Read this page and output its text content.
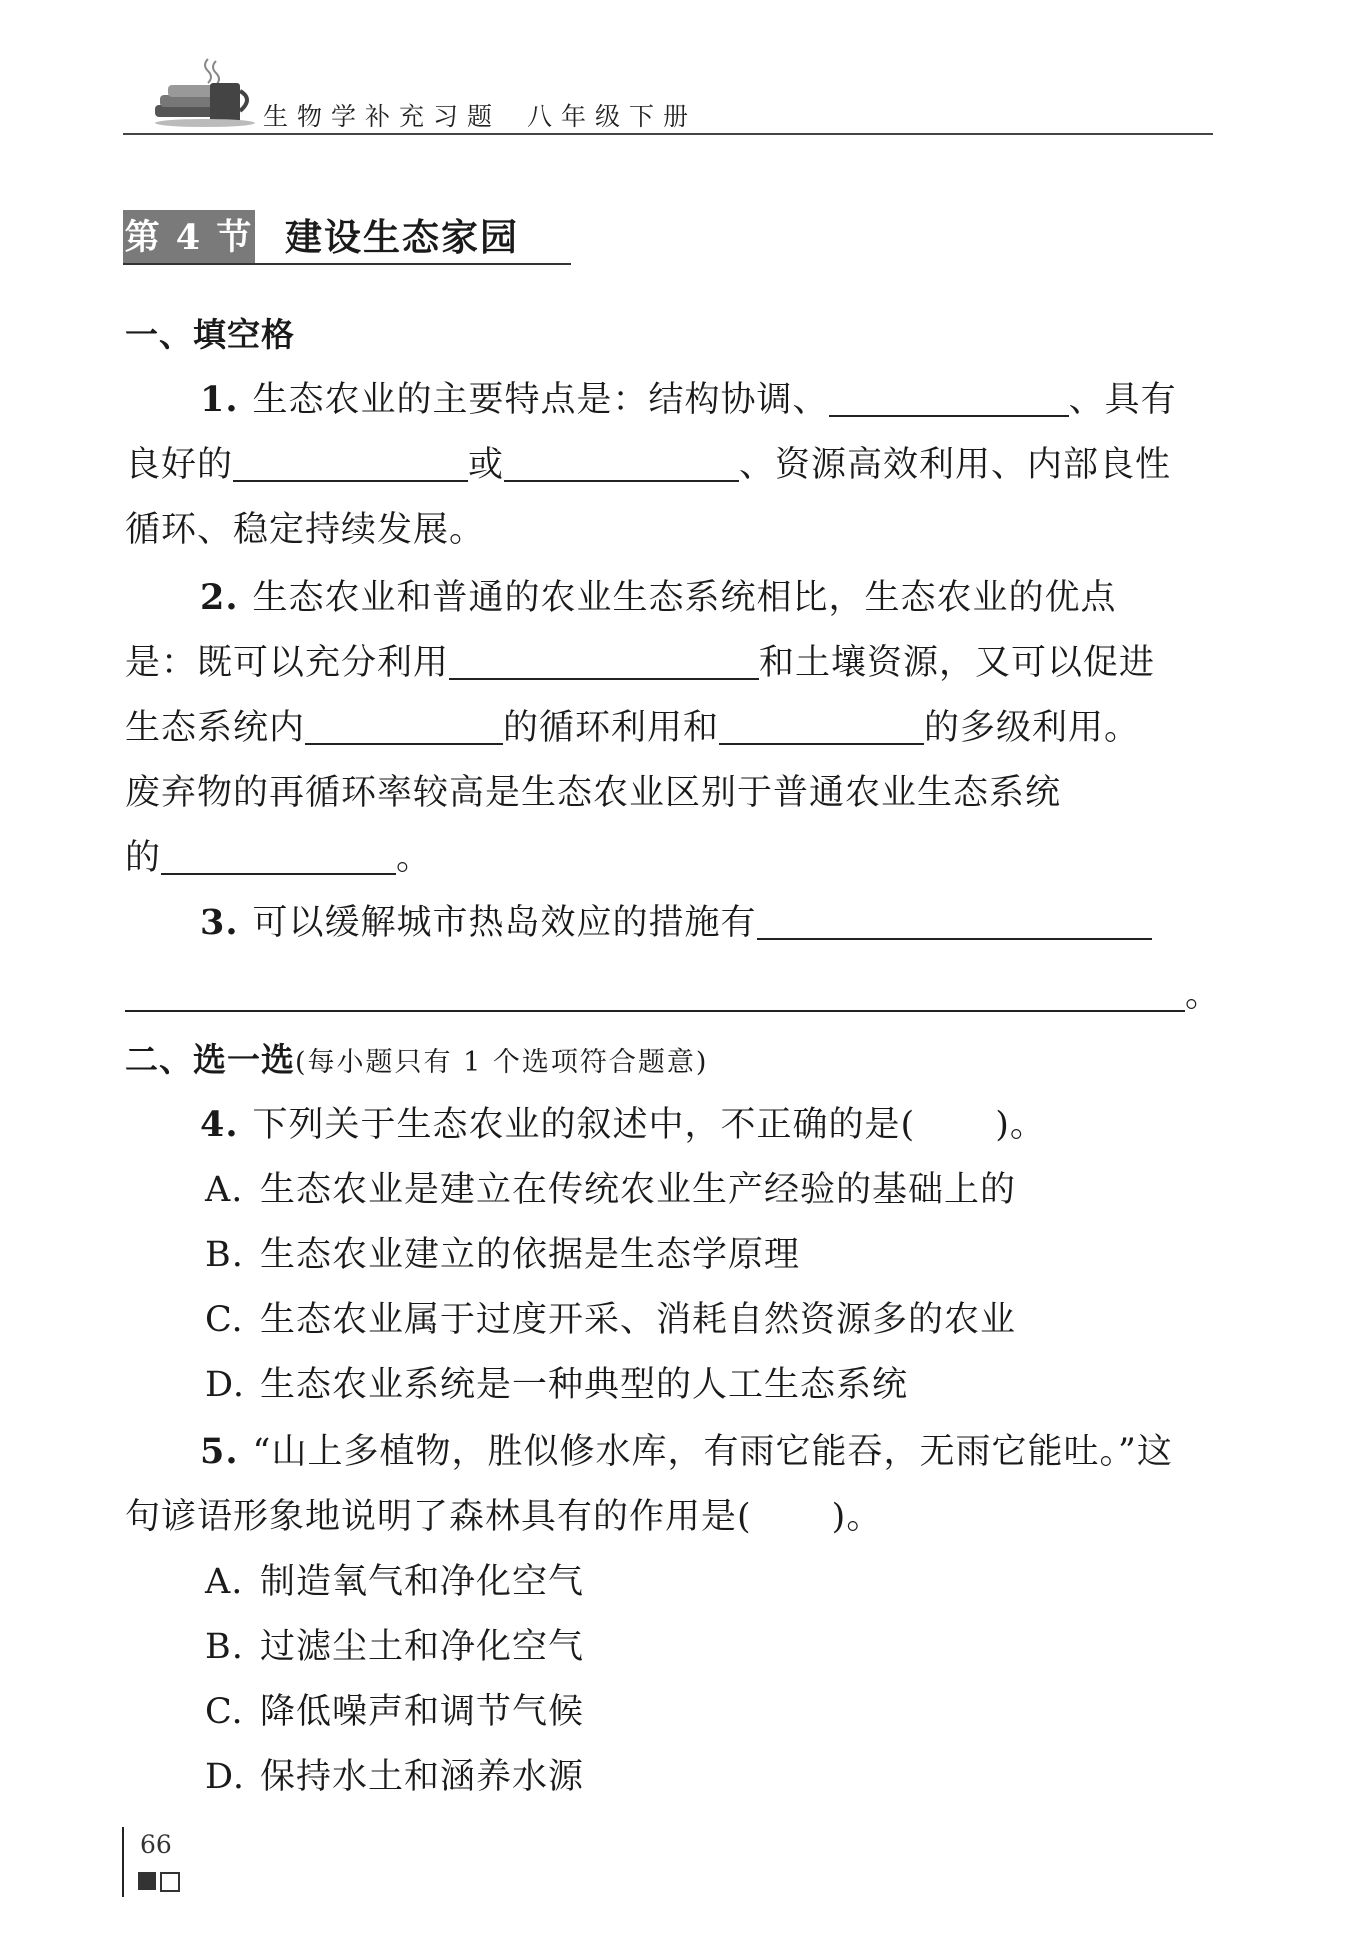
生物学补充习题 八年级下册
第 4 节 建设生态家园
一、填空格
1. 生态农业的主要特点是：结构协调、	、具有
良好的	或	、资源高效利用、内部良性
循环、稳定持续发展。
2. 生态农业和普通的农业生态系统相比，生态农业的优点
是：既可以充分利用	和土壤资源，又可以促进
生态系统内	的循环利用和	的多级利用。
废弃物的再循环率较高是生态农业区别于普通农业生态系统
的	。
3. 可以缓解城市热岛效应的措施有
。
二、选一选(每小题只有 1 个选项符合题意)
4. 下列关于生态农业的叙述中，不正确的是( )。
A. 生态农业是建立在传统农业生产经验的基础上的
B. 生态农业建立的依据是生态学原理
C. 生态农业属于过度开采、消耗自然资源多的农业
D. 生态农业系统是一种典型的人工生态系统
5. “山上多植物，胜似修水库，有雨它能吞，无雨它能吐。”这
句谚语形象地说明了森林具有的作用是( )。
A. 制造氧气和净化空气
B. 过滤尘土和净化空气
C. 降低噪声和调节气候
D. 保持水土和涵养水源
66
